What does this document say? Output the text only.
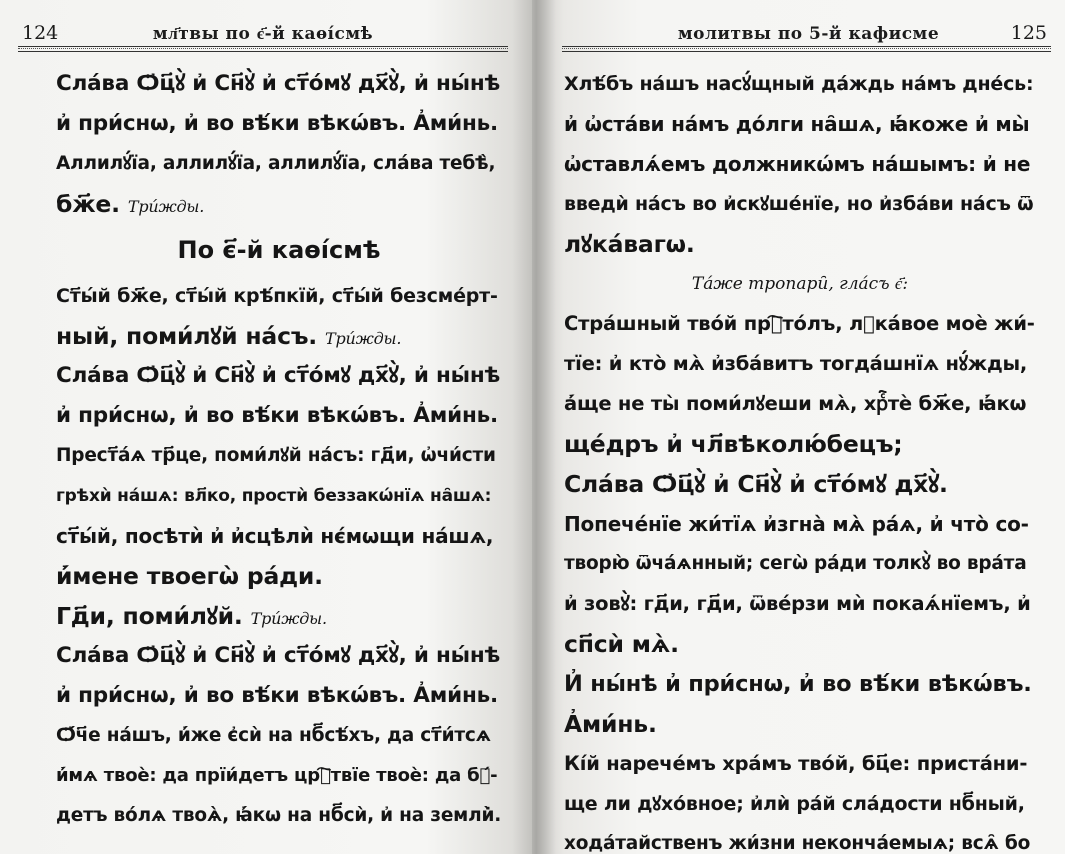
124	мл҃твы по є҃-й каѳі́смѣ
Сла́ва Ѻ҆ц҃ꙋ̀ и҆ Сн҃ꙋ̀ и҆ ст҃о́мꙋ дх҃ꙋ̀, и҆ ны́нѣ
и҆ при́снѡ, и҆ во вѣ́ки вѣкѡ́въ. А҆ми́нь.
Аллилꙋ́їа, аллилꙋ́їа, аллилꙋ́їа, сла́ва тебѣ̀,
бж҃е. Три́жды.
По є҃-й каѳі́смѣ
Ст҃ы́й бж҃е, ст҃ы́й крѣ́пкїй, ст҃ы́й безсме́рт-
ный, поми́лꙋй на́съ. Три́жды.
Сла́ва Ѻ҆ц҃ꙋ̀ и҆ Сн҃ꙋ̀ и҆ ст҃о́мꙋ дх҃ꙋ̀, и҆ ны́нѣ
и҆ при́снѡ, и҆ во вѣ́ки вѣкѡ́въ. А҆ми́нь.
Прест҃а́ѧ тр҃це, поми́лꙋй на́съ: гд҃и, ѡ҆чи́сти
грѣхѝ на́шѧ: вл҃ко, простѝ беззакѡ́нїѧ на̑шѧ:
ст҃ы́й, посѣтѝ и҆ и҆сцѣлѝ нє́мѡщи на́шѧ,
и҆́мене твоегѡ̀ ра́ди.
Гд҃и, поми́лꙋй. Три́жды.
Сла́ва Ѻ҆ц҃ꙋ̀ и҆ Сн҃ꙋ̀ и҆ ст҃о́мꙋ дх҃ꙋ̀, и҆ ны́нѣ
и҆ при́снѡ, и҆ во вѣ́ки вѣкѡ́въ. А҆ми́нь.
Ѻ҆́ч҃е на́шъ, и҆́же є҆сѝ на нб҃сѣ́хъ, да ст҃и́тсѧ
и҆́мѧ твоѐ: да прїи́детъ црⷭ҇твїе твоѐ: да бꙋ́-
детъ во́лѧ твоѧ̀, ꙗ҆́кѡ на нб҃сѝ, и҆ на земли̇̀.
125
молитвы по 5-й кафисме
Хлѣ́бъ на́шъ насꙋ́щный да́ждь на́мъ дне́сь:
и҆ ѡ҆ста́ви на́мъ до́лги на̑шѧ, ꙗ҆́коже и҆ мы̀
ѡ҆ставлѧ́емъ должникѡ́мъ на́шымъ: и҆ не
введѝ на́съ во и҆скꙋше́нїе, но и҆зба́ви на́съ ѿ
лꙋка́вагѡ.
Та́же тропари̑, гла́съ є҃:
Стра́шный тво́й прⷭ҇то́лъ, лꙋка́вое моѐ жи́-
тїе: и҆ кто̀ мѧ̀ и҆зба́витъ тогда́шнїѧ нꙋ́жды,
а҆́ще не ты̀ поми́лꙋеши мѧ̀, хрⷭ҇тѐ бж҃е, ꙗ҆́кѡ
щéдръ и҆ чл҃вѣколю́бецъ;
Сла́ва Ѻ҆ц҃ꙋ̀ и҆ Сн҃ꙋ̀ и҆ ст҃о́мꙋ дх҃ꙋ̀.
Попече́нїе жи́тїѧ и҆згна̀ мѧ̀ ра́ѧ, и҆ что̀ со-
творю̀ ѿча́ѧнный; сегѡ̀ ра́ди толкꙋ̀ во вра́та
и҆ зовꙋ̀: гд҃и, гд҃и, ѿве́рзи мѝ покаѧ́нїемъ, и҆
сп҃сѝ мѧ̀.
И҆ ны́нѣ и҆ при́снѡ, и҆ во вѣ́ки вѣкѡ́въ.
А҆ми́нь.
Кі́й нарече́мъ хра́мъ тво́й, бц҃е: приста́ни-
ще ли дꙋхо́вное; и҆лѝ ра́й сла́дости нб҃ный,
хода́тайственъ жи́зни неконча́емыѧ; всѧ̑ бо
